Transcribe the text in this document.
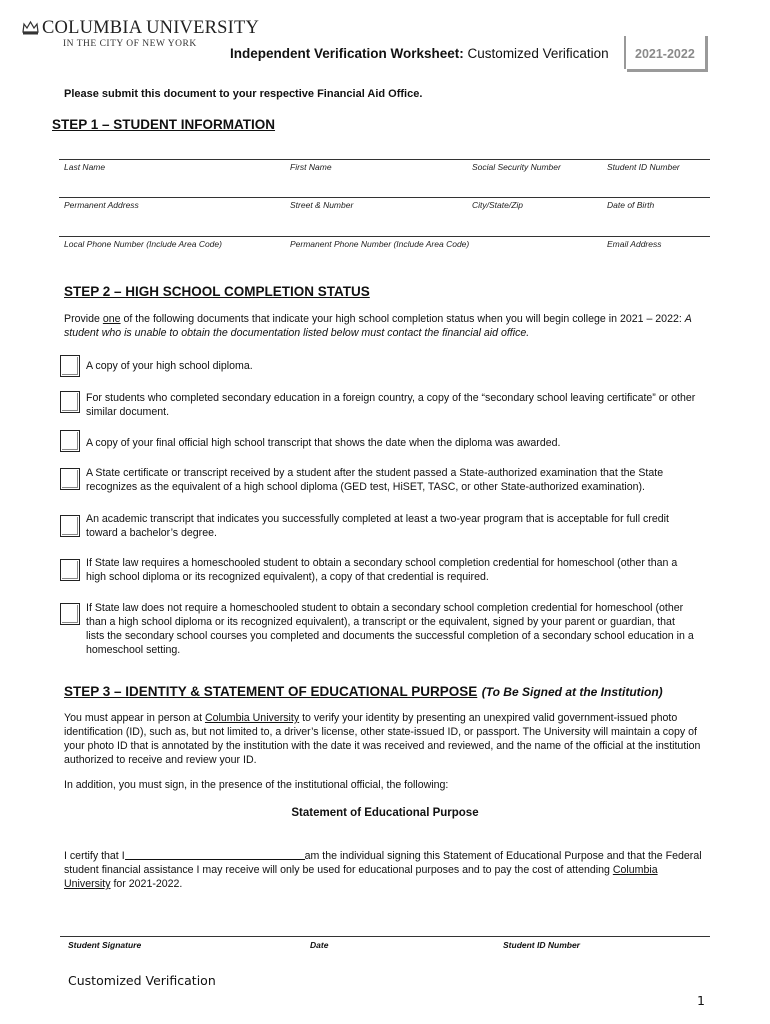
COLUMBIA UNIVERSITY
IN THE CITY OF NEW YORK
Independent Verification Worksheet: Customized Verification 2021-2022
Please submit this document to your respective Financial Aid Office.
STEP 1 – STUDENT INFORMATION
Last Name	First Name	Social Security Number	Student ID Number
Permanent Address	Street & Number	City/State/Zip	Date of Birth
Local Phone Number (Include Area Code)	Permanent Phone Number (Include Area Code)	Email Address
STEP 2 – HIGH SCHOOL COMPLETION STATUS
Provide one of the following documents that indicate your high school completion status when you will begin college in 2021 – 2022: A student who is unable to obtain the documentation listed below must contact the financial aid office.
A copy of your high school diploma.
For students who completed secondary education in a foreign country, a copy of the “secondary school leaving certificate” or other similar document.
A copy of your final official high school transcript that shows the date when the diploma was awarded.
A State certificate or transcript received by a student after the student passed a State-authorized examination that the State recognizes as the equivalent of a high school diploma (GED test, HiSET, TASC, or other State-authorized examination).
An academic transcript that indicates you successfully completed at least a two-year program that is acceptable for full credit toward a bachelor’s degree.
If State law requires a homeschooled student to obtain a secondary school completion credential for homeschool (other than a high school diploma or its recognized equivalent), a copy of that credential is required.
If State law does not require a homeschooled student to obtain a secondary school completion credential for homeschool (other than a high school diploma or its recognized equivalent), a transcript or the equivalent, signed by your parent or guardian, that lists the secondary school courses you completed and documents the successful completion of a secondary school education in a homeschool setting.
STEP 3 – IDENTITY & STATEMENT OF EDUCATIONAL PURPOSE (To Be Signed at the Institution)
You must appear in person at Columbia University to verify your identity by presenting an unexpired valid government-issued photo identification (ID), such as, but not limited to, a driver’s license, other state-issued ID, or passport. The University will maintain a copy of your photo ID that is annotated by the institution with the date it was received and reviewed, and the name of the official at the institution authorized to receive and review your ID.
In addition, you must sign, in the presence of the institutional official, the following:
Statement of Educational Purpose
I certify that I	am the individual signing this Statement of Educational Purpose and that the Federal student financial assistance I may receive will only be used for educational purposes and to pay the cost of attending Columbia University for 2021-2022.
Student Signature	Date	Student ID Number
Customized Verification
1
